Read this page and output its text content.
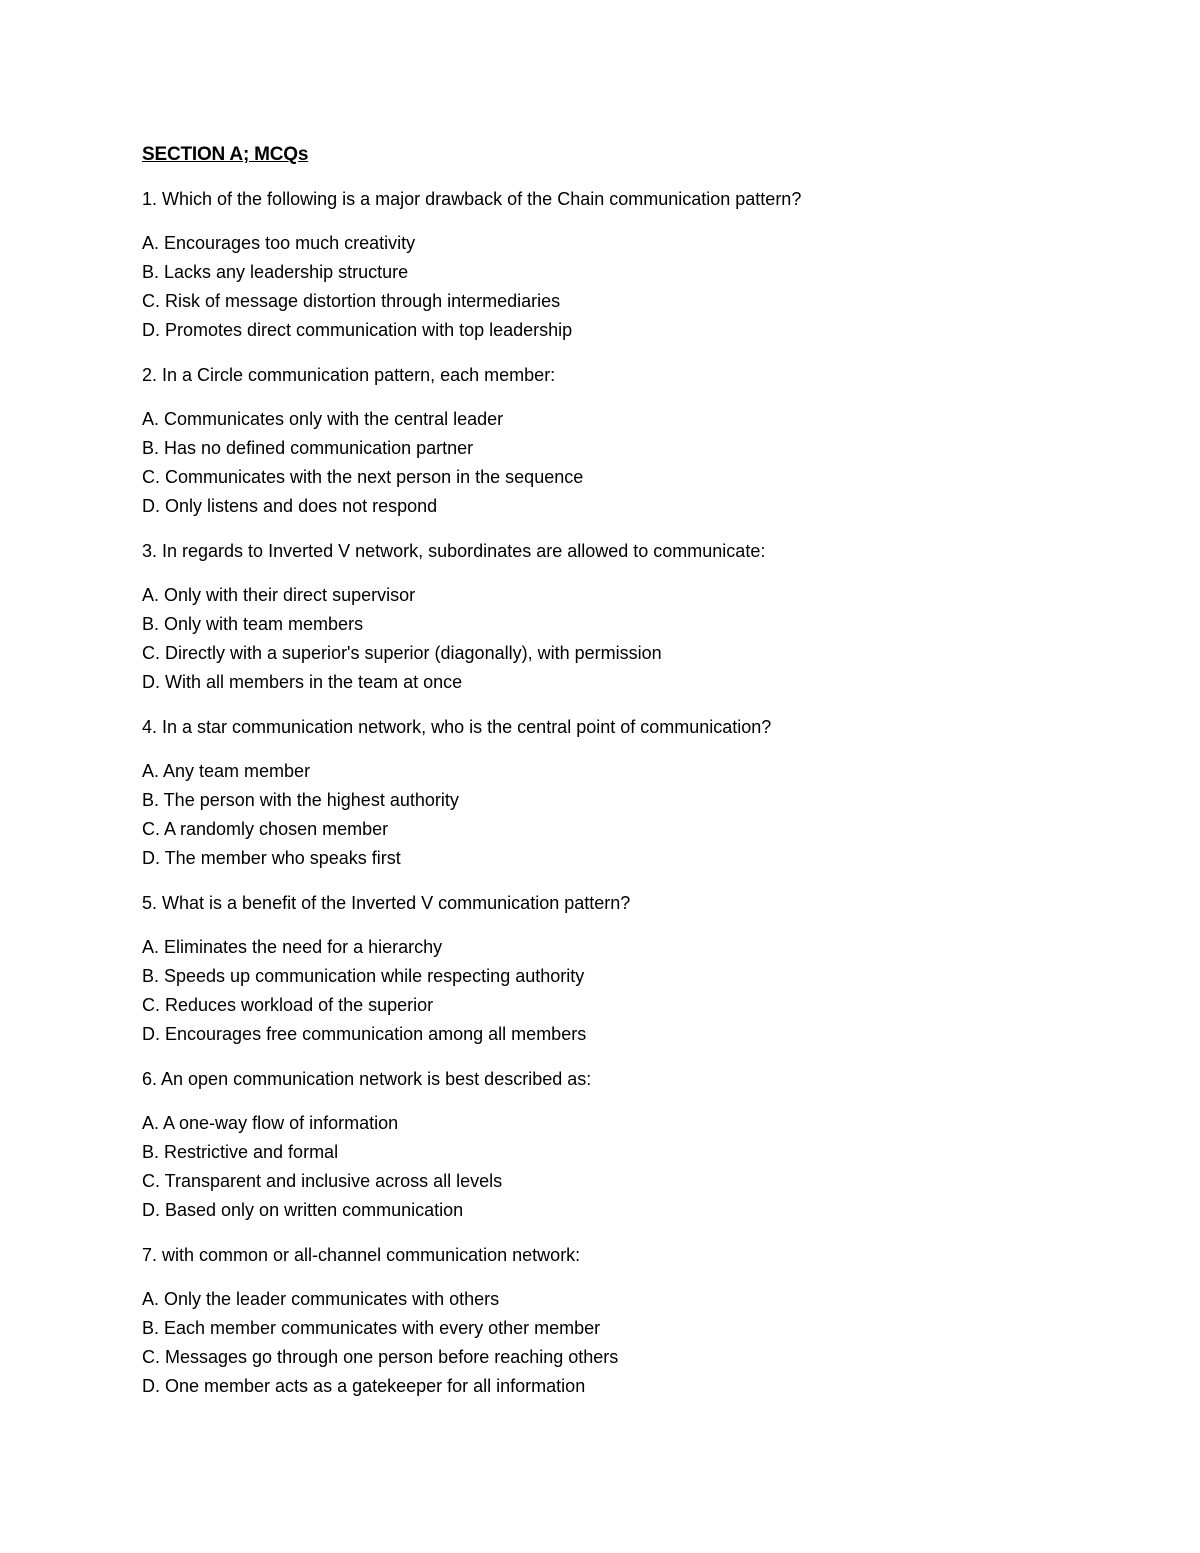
SECTION A; MCQs
1. Which of the following is a major drawback of the Chain communication pattern?
A. Encourages too much creativity
B. Lacks any leadership structure
C. Risk of message distortion through intermediaries
D. Promotes direct communication with top leadership
2. In a Circle communication pattern, each member:
A. Communicates only with the central leader
B. Has no defined communication partner
C. Communicates with the next person in the sequence
D. Only listens and does not respond
3. In regards to Inverted V network, subordinates are allowed to communicate:
A. Only with their direct supervisor
B. Only with team members
C. Directly with a superior's superior (diagonally), with permission
D. With all members in the team at once
4. In a star communication network, who is the central point of communication?
A. Any team member
B. The person with the highest authority
C. A randomly chosen member
D. The member who speaks first
5. What is a benefit of the Inverted V communication pattern?
A. Eliminates the need for a hierarchy
B. Speeds up communication while respecting authority
C. Reduces workload of the superior
D. Encourages free communication among all members
6. An open communication network is best described as:
A. A one-way flow of information
B. Restrictive and formal
C. Transparent and inclusive across all levels
D. Based only on written communication
7. with common or all-channel communication network:
A. Only the leader communicates with others
B. Each member communicates with every other member
C. Messages go through one person before reaching others
D. One member acts as a gatekeeper for all information
